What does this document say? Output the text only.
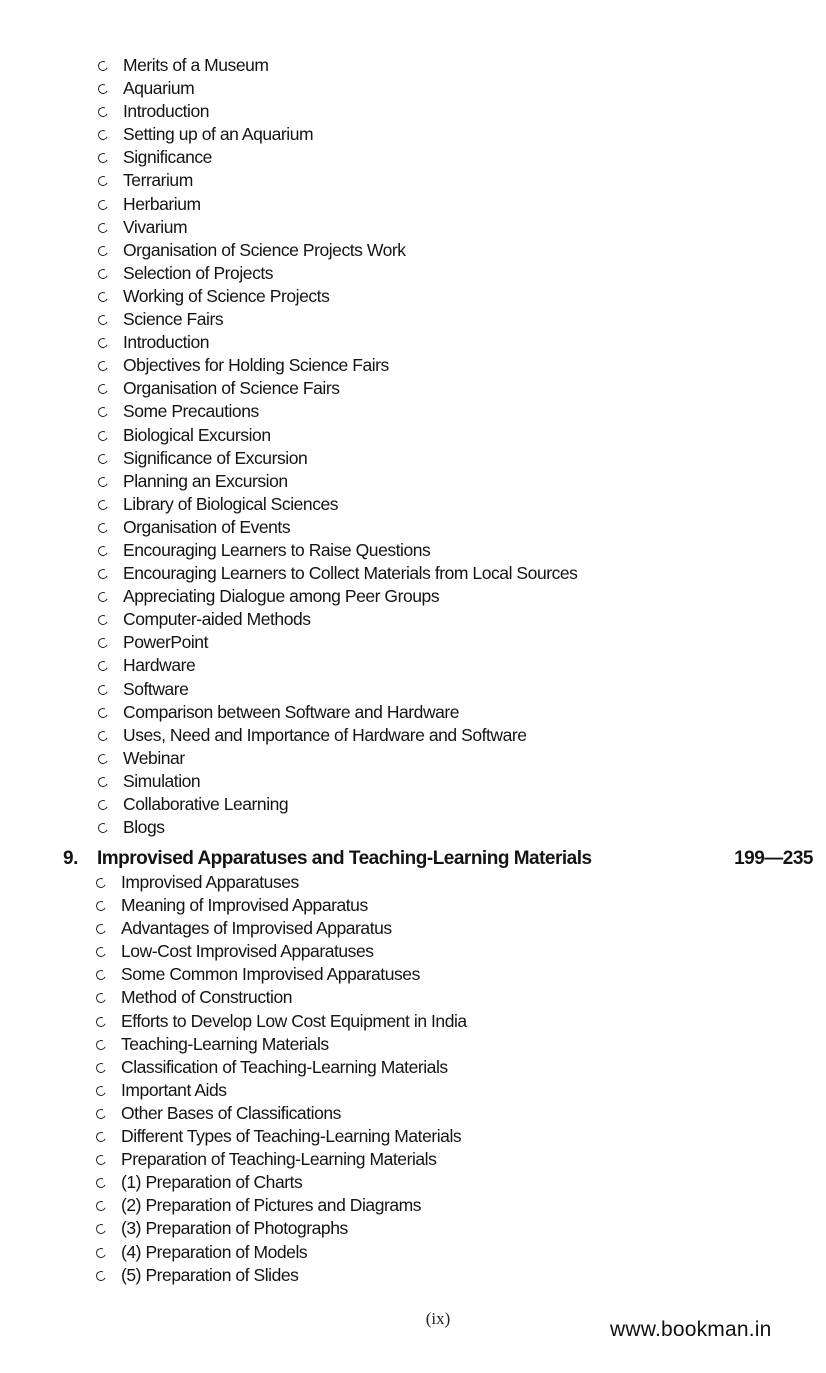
Merits of a Museum
Aquarium
Introduction
Setting up of an Aquarium
Significance
Terrarium
Herbarium
Vivarium
Organisation of Science Projects Work
Selection of Projects
Working of Science Projects
Science Fairs
Introduction
Objectives for Holding Science Fairs
Organisation of Science Fairs
Some Precautions
Biological Excursion
Significance of Excursion
Planning an Excursion
Library of Biological Sciences
Organisation of Events
Encouraging Learners to Raise Questions
Encouraging Learners to Collect Materials from Local Sources
Appreciating Dialogue among Peer Groups
Computer-aided Methods
PowerPoint
Hardware
Software
Comparison between Software and Hardware
Uses, Need and Importance of Hardware and Software
Webinar
Simulation
Collaborative Learning
Blogs
9. Improvised Apparatuses and Teaching-Learning Materials	199—235
Improvised Apparatuses
Meaning of Improvised Apparatus
Advantages of Improvised Apparatus
Low-Cost Improvised Apparatuses
Some Common Improvised Apparatuses
Method of Construction
Efforts to Develop Low Cost Equipment in India
Teaching-Learning Materials
Classification of Teaching-Learning Materials
Important Aids
Other Bases of Classifications
Different Types of Teaching-Learning Materials
Preparation of Teaching-Learning Materials
(1) Preparation of Charts
(2) Preparation of Pictures and Diagrams
(3) Preparation of Photographs
(4) Preparation of Models
(5) Preparation of Slides
(ix)	www.bookman.in
